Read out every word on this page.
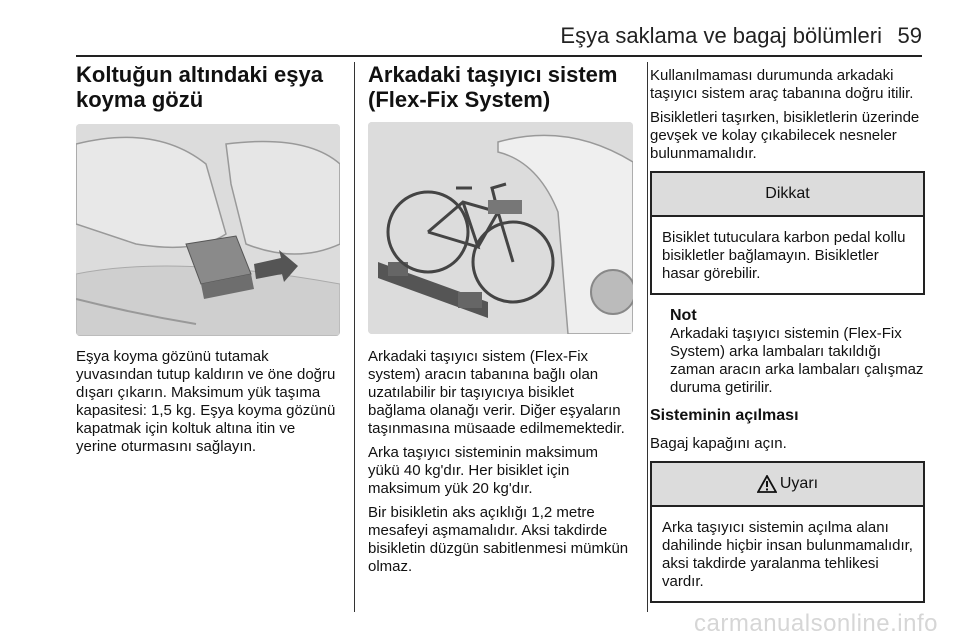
Eşya saklama ve bagaj bölümleri 59
Koltuğun altındaki eşya koyma gözü

Eşya koyma gözünü tutamak yuvasından tutup kaldırın ve öne doğru dışarı çıkarın. Maksimum yük taşıma kapasitesi: 1,5 kg. Eşya koyma gözünü kapatmak için koltuk altına itin ve yerine oturmasını sağlayın.

Arkadaki taşıyıcı sistem (Flex-Fix System)

Arkadaki taşıyıcı sistem (Flex-Fix system) aracın tabanına bağlı olan uzatılabilir bir taşıyıcıya bisiklet bağlama olanağı verir. Diğer eşyaların taşınmasına müsaade edilmemektedir.

Arka taşıyıcı sisteminin maksimum yükü 40 kg'dır. Her bisiklet için maksimum yük 20 kg'dır.

Bir bisikletin aks açıklığı 1,2 metre mesafeyi aşmamalıdır. Aksi takdirde bisikletin düzgün sabitlenmesi mümkün olmaz.

Kullanılmaması durumunda arkadaki taşıyıcı sistem araç tabanına doğru itilir.

Bisikletleri taşırken, bisikletlerin üzerinde gevşek ve kolay çıkabilecek nesneler bulunmamalıdır.

Dikkat
Bisiklet tutuculara karbon pedal kollu bisikletler bağlamayın. Bisikletler hasar görebilir.
Not

Arkadaki taşıyıcı sistemin (Flex-Fix System) arka lambaları takıldığı zaman aracın arka lambaları çalışmaz duruma getirilir.

Sisteminin açılması

Bagaj kapağını açın.

Uyarı
Arka taşıyıcı sistemin açılma alanı dahilinde hiçbir insan bulunmamalıdır, aksi takdirde yaralanma tehlikesi vardır.
carmanualsonline.info
